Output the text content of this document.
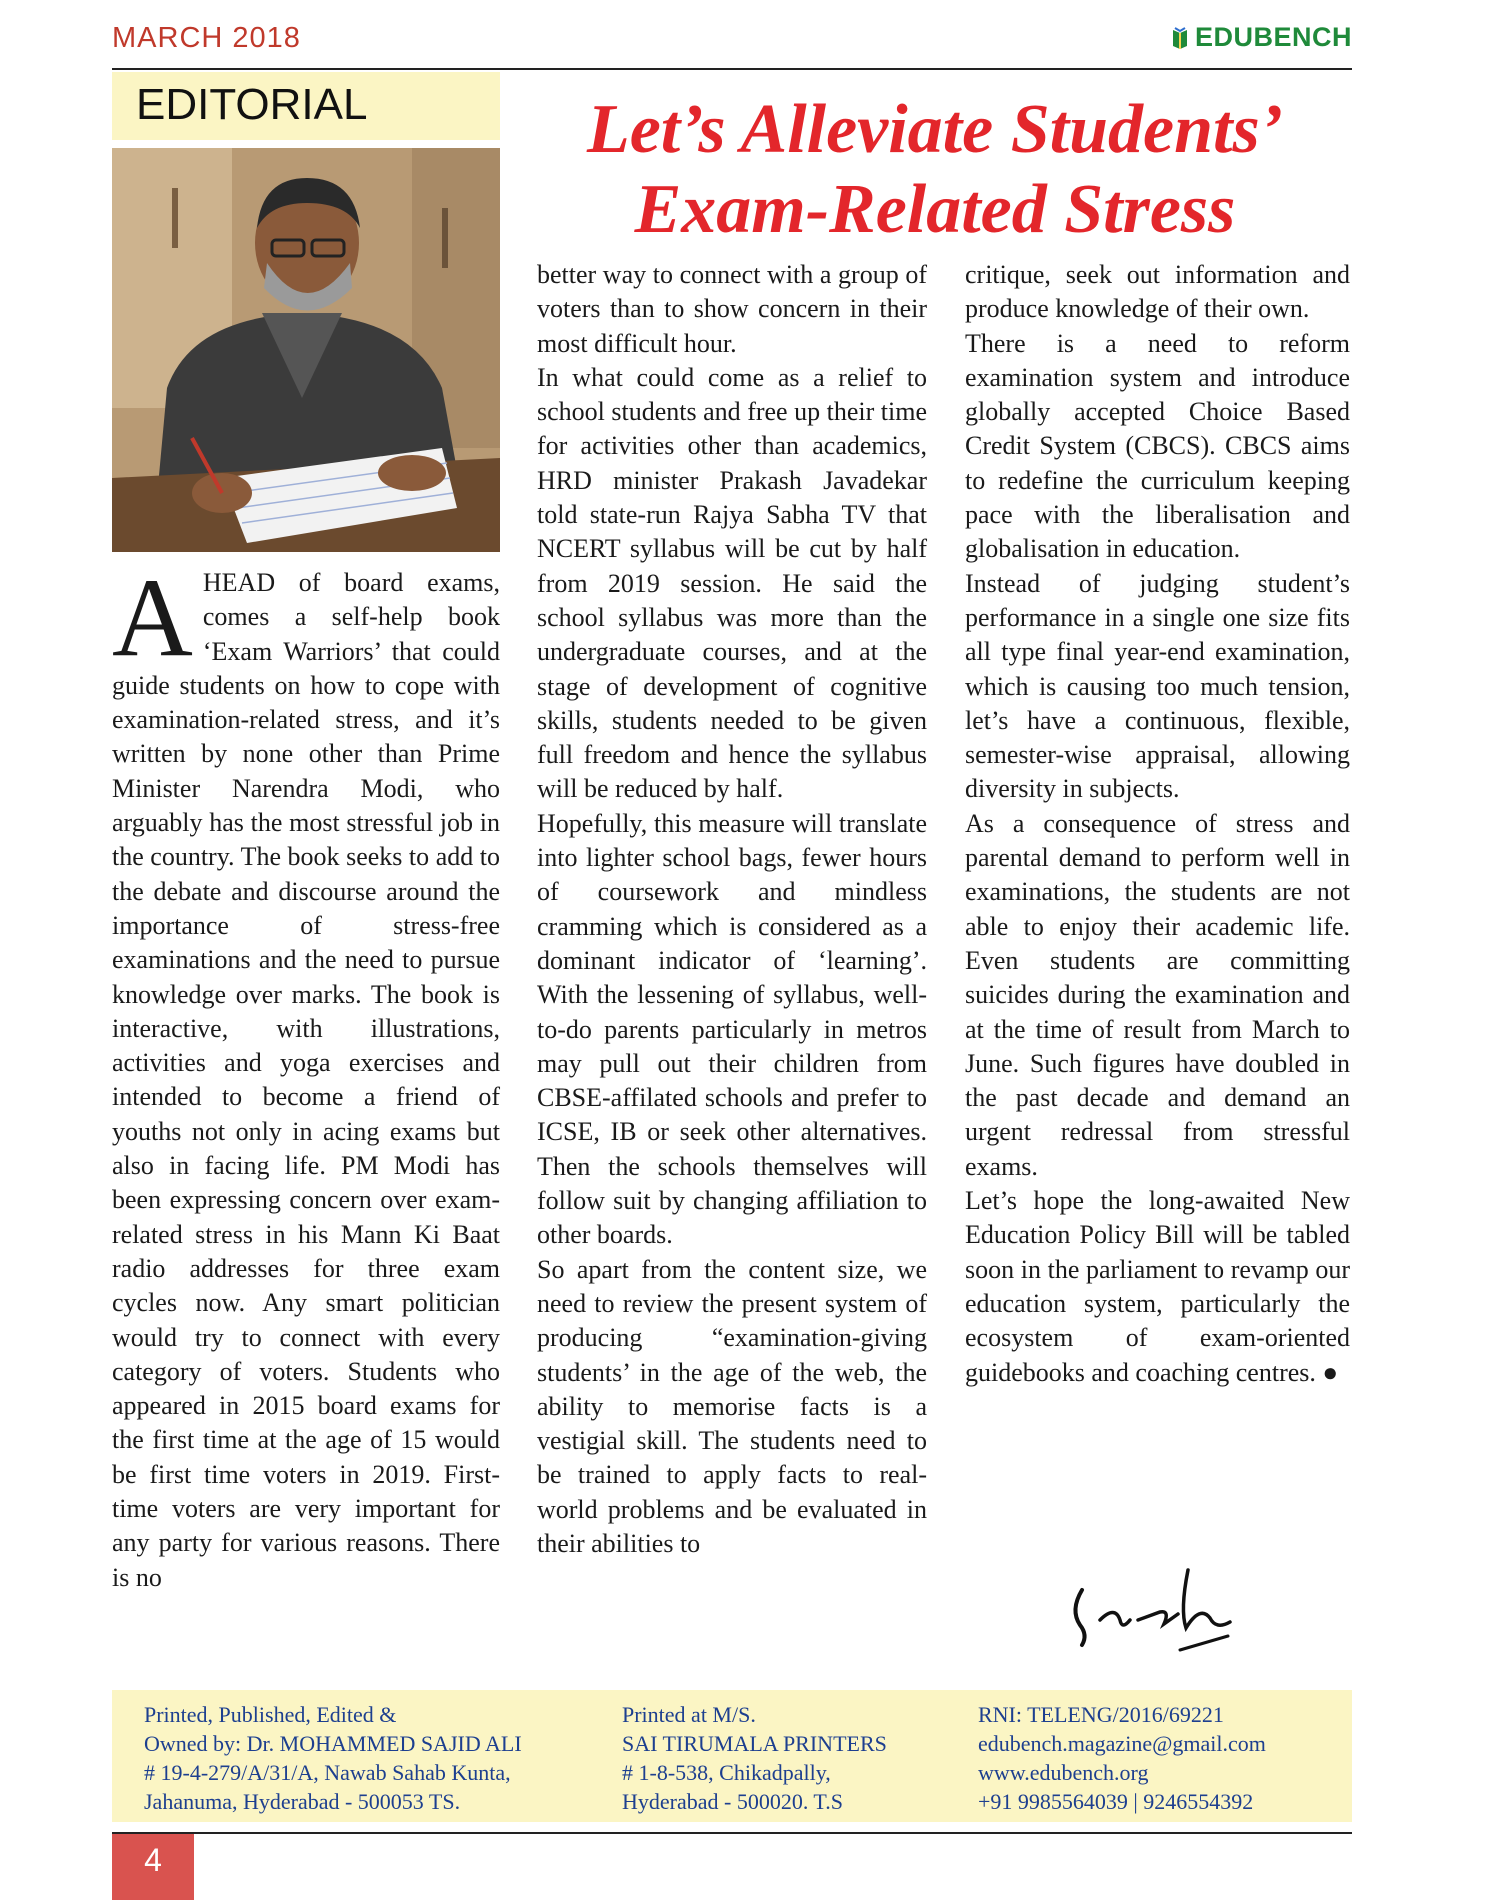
MARCH 2018	EDUBENCH
EDITORIAL	Let’s Alleviate Students’
Exam-Related Stress

AHEAD of board exams, comes a self-help book ‘Exam Warriors’ that could guide students on how to cope with examination-related stress, and it’s written by none other than Prime Minister Narendra Modi, who arguably has the most stressful job in the country. The book seeks to add to the debate and discourse around the importance of stress-free examinations and the need to pursue knowledge over marks. The book is interactive, with illustrations, activities and yoga exercises and intended to become a friend of youths not only in acing exams but also in facing life. PM Modi has been expressing concern over exam-related stress in his Mann Ki Baat radio addresses for three exam cycles now. Any smart politician would try to connect with every category of voters. Students who appeared in 2015 board exams for the first time at the age of 15 would be first time voters in 2019. First-time voters are very important for any party for various reasons. There is no

better way to connect with a group of voters than to show concern in their most difficult hour.

In what could come as a relief to school students and free up their time for activities other than academics, HRD minister Prakash Javadekar told state-run Rajya Sabha TV that NCERT syllabus will be cut by half from 2019 session. He said the school syllabus was more than the undergraduate courses, and at the stage of development of cognitive skills, students needed to be given full freedom and hence the syllabus will be reduced by half.

Hopefully, this measure will translate into lighter school bags, fewer hours of coursework and mindless cramming which is considered as a dominant indicator of ‘learning’. With the lessening of syllabus, well-to-do parents particularly in metros may pull out their children from CBSE-affilated schools and prefer to ICSE, IB or seek other alternatives. Then the schools themselves will follow suit by changing affiliation to other boards.

So apart from the content size, we need to review the present system of producing “examination-giving students’ in the age of the web, the ability to memorise facts is a vestigial skill. The students need to be trained to apply facts to real-world problems and be evaluated in their abilities to

critique, seek out information and produce knowledge of their own.

There is a need to reform examination system and introduce globally accepted Choice Based Credit System (CBCS). CBCS aims to redefine the curriculum keeping pace with the liberalisation and globalisation in education.

Instead of judging student’s performance in a single one size fits all type final year-end examination, which is causing too much tension, let’s have a continuous, flexible, semester-wise appraisal, allowing diversity in subjects.

As a consequence of stress and parental demand to perform well in examinations, the students are not able to enjoy their academic life. Even students are committing suicides during the examination and at the time of result from March to June. Such figures have doubled in the past decade and demand an urgent redressal from stressful exams.

Let’s hope the long-awaited New Education Policy Bill will be tabled soon in the parliament to revamp our education system, particularly the ecosystem of exam-oriented guidebooks and coaching centres. ●

Printed, Published, Edited &
Owned by: Dr. MOHAMMED SAJID ALI
# 19-4-279/A/31/A, Nawab Sahab Kunta,
Jahanuma, Hyderabad - 500053 TS.
Printed at M/S.
SAI TIRUMALA PRINTERS
# 1-8-538, Chikadpally,
Hyderabad - 500020. T.S
RNI: TELENG/2016/69221
edubench.magazine@gmail.com
www.edubench.org
+91 9985564039 | 9246554392
4
